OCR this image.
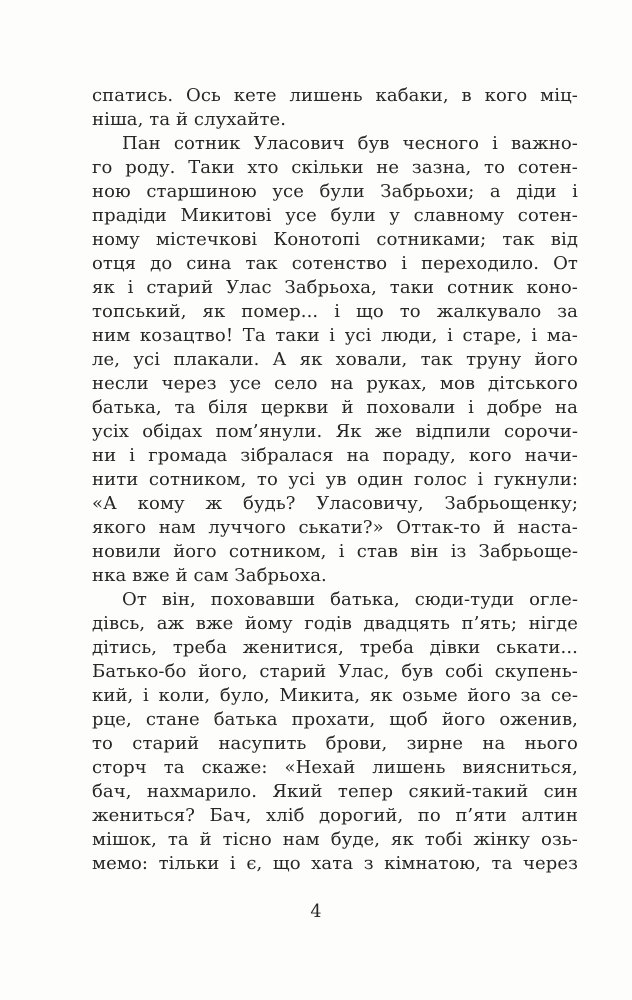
спатись. Ось кете лишень кабаки, в кого міц-
ніша, та й слухайте.
Пан сотник Уласович був чесного і важно-
го роду. Таки хто скільки не зазна, то сотен-
ною старшиною усе були Забрьохи; а діди і
прадіди Микитові усе були у славному сотен-
ному містечкові Конотопі сотниками; так від
отця до сина так сотенство і переходило. От
як і старий Улас Забрьоха, таки сотник коно-
топський, як помер... і що то жалкувало за
ним козацтво! Та таки і усі люди, і старе, і ма-
ле, усі плакали. А як ховали, так труну його
несли через усе село на руках, мов дітського
батька, та біля церкви й поховали і добре на
усіх обідах пом’янули. Як же відпили сорочи-
ни і громада зібралася на пораду, кого начи-
нити сотником, то усі ув один голос і гукнули:
«А кому ж будь? Уласовичу, Забрьощенку;
якого нам луччого ськати?» Оттак-то й наста-
новили його сотником, і став він із Забрьоще-
нка вже й сам Забрьоха.
От він, поховавши батька, сюди-туди огле-
дівсь, аж вже йому годів двадцять п’ять; нігде
дітись, треба женитися, треба дівки ськати...
Батько-бо його, старий Улас, був собі скупень-
кий, і коли, було, Микита, як озьме його за се-
рце, стане батька прохати, щоб його оженив,
то старий насупить брови, зирне на нього
сторч та скаже: «Нехай лишень виясниться,
бач, нахмарило. Який тепер сякий-такий син
жениться? Бач, хліб дорогий, по п’яти алтин
мішок, та й тісно нам буде, як тобі жінку озь-
мемо: тільки і є, що хата з кімнатою, та через
4
